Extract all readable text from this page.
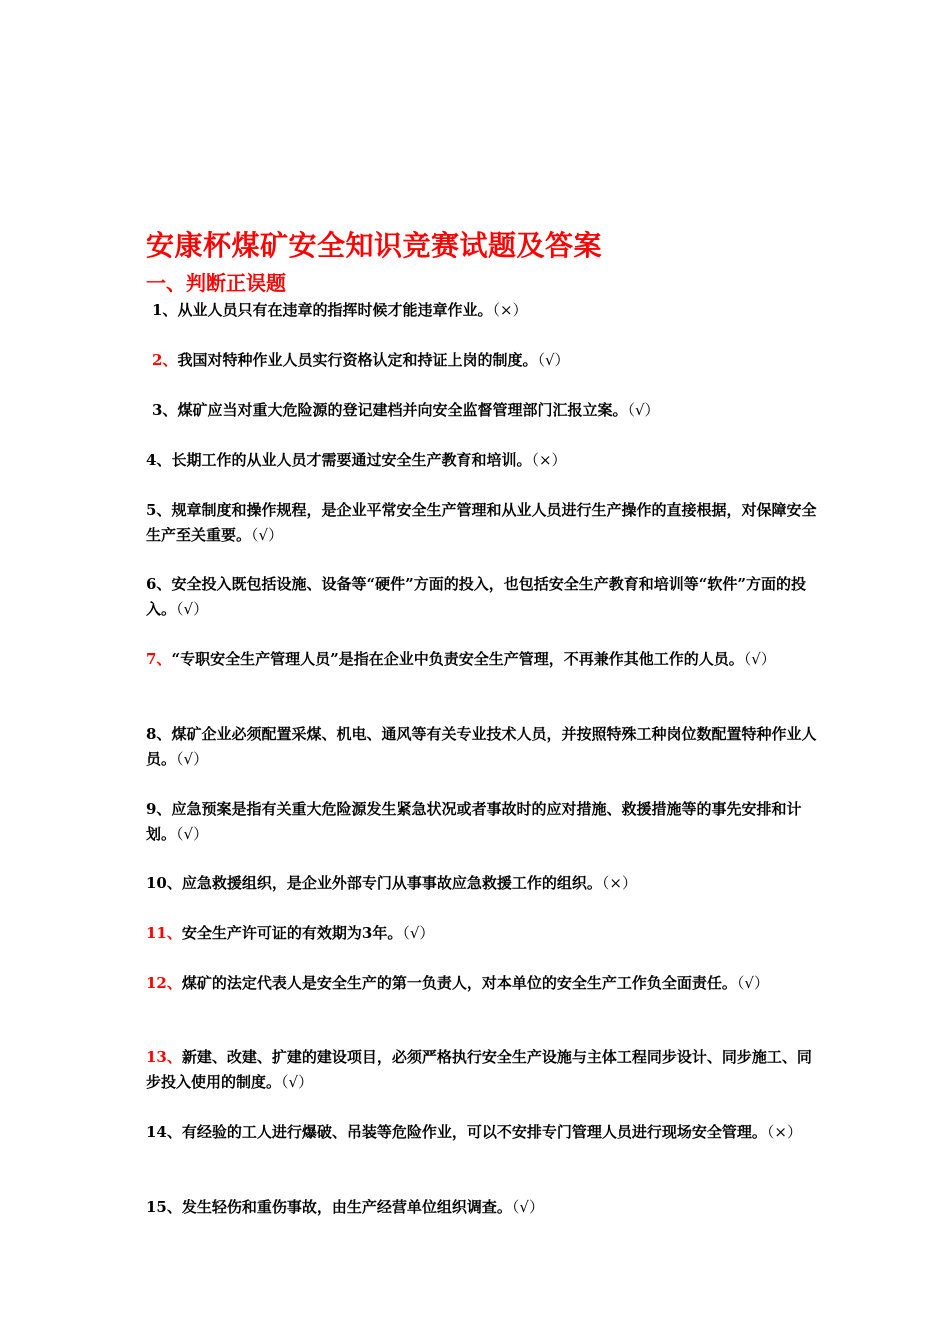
安康杯煤矿安全知识竞赛试题及答案
一、判断正误题

1、从业人员只有在违章的指挥时候才能违章作业。（×）

2、我国对特种作业人员实行资格认定和持证上岗的制度。（√）

3、煤矿应当对重大危险源的登记建档并向安全监督管理部门汇报立案。（√）

4、长期工作的从业人员才需要通过安全生产教育和培训。（×）

5、规章制度和操作规程，是企业平常安全生产管理和从业人员进行生产操作的直接根据，对保障安全生产至关重要。（√）

6、安全投入既包括设施、设备等“硬件”方面的投入，也包括安全生产教育和培训等“软件”方面的投入。（√）

7、“专职安全生产管理人员”是指在企业中负责安全生产管理，不再兼作其他工作的人员。（√）

8、煤矿企业必须配置采煤、机电、通风等有关专业技术人员，并按照特殊工种岗位数配置特种作业人员。（√）

9、应急预案是指有关重大危险源发生紧急状况或者事故时的应对措施、救援措施等的事先安排和计划。（√）

10、应急救援组织，是企业外部专门从事事故应急救援工作的组织。（×）

11、安全生产许可证的有效期为3年。（√）

12、煤矿的法定代表人是安全生产的第一负责人，对本单位的安全生产工作负全面责任。（√）

13、新建、改建、扩建的建设项目，必须严格执行安全生产设施与主体工程同步设计、同步施工、同步投入使用的制度。（√）

14、有经验的工人进行爆破、吊装等危险作业，可以不安排专门管理人员进行现场安全管理。（×）

15、发生轻伤和重伤事故，由生产经营单位组织调查。（√）
